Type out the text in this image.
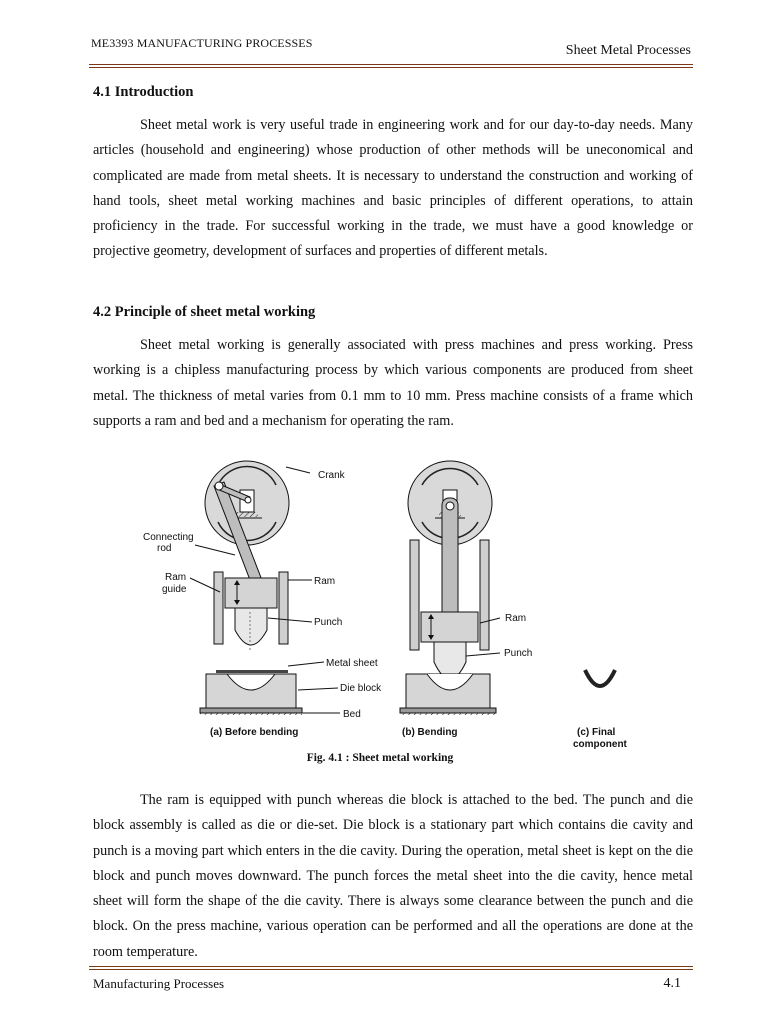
ME3393 MANUFACTURING PROCESSES	Sheet Metal Processes
4.1 Introduction

Sheet metal work is very useful trade in engineering work and for our day-to-day needs. Many articles (household and engineering) whose production of other methods will be uneconomical and complicated are made from metal sheets. It is necessary to understand the construction and working of hand tools, sheet metal working machines and basic principles of different operations, to attain proficiency in the trade. For successful working in the trade, we must have a good knowledge or projective geometry, development of surfaces and properties of different metals.

4.2 Principle of sheet metal working

Sheet metal working is generally associated with press machines and press working. Press working is a chipless manufacturing process by which various components are produced from sheet metal. The thickness of metal varies from 0.1 mm to 10 mm. Press machine consists of a frame which supports a ram and bed and a mechanism for operating the ram.

Crank
Connecting
rod
Ram
guide
Ram
Punch
Metal sheet
Die block
Bed
Ram
Punch
(a) Before bending	(b) Bending	(c) Final
component
Fig. 4.1 : Sheet metal working

The ram is equipped with punch whereas die block is attached to the bed. The punch and die block assembly is called as die or die-set. Die block is a stationary part which contains die cavity and punch is a moving part which enters in the die cavity. During the operation, metal sheet is kept on the die block and punch moves downward. The punch forces the metal sheet into the die cavity, hence metal sheet will form the shape of the die cavity. There is always some clearance between the punch and die block. On the press machine, various operation can be performed and all the operations are done at the room temperature.

Manufacturing Processes	4.1
